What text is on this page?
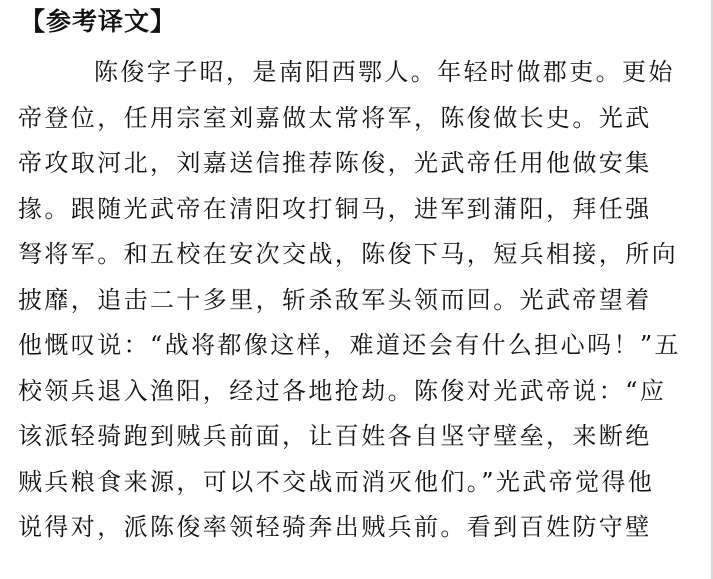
【参考译文】
陈俊字子昭，是南阳西鄂人。年轻时做郡吏。更始
帝登位，任用宗室刘嘉做太常将军，陈俊做长史。光武
帝攻取河北，刘嘉送信推荐陈俊，光武帝任用他做安集
掾。跟随光武帝在清阳攻打铜马，进军到蒲阳，拜任强
弩将军。和五校在安次交战，陈俊下马，短兵相接，所向
披靡，追击二十多里，斩杀敌军头领而回。光武帝望着
他慨叹说：“战将都像这样，难道还会有什么担心吗！”五
校领兵退入渔阳，经过各地抢劫。陈俊对光武帝说：“应
该派轻骑跑到贼兵前面，让百姓各自坚守壁垒，来断绝
贼兵粮食来源，可以不交战而消灭他们。”光武帝觉得他
说得对，派陈俊率领轻骑奔出贼兵前。看到百姓防守壁
